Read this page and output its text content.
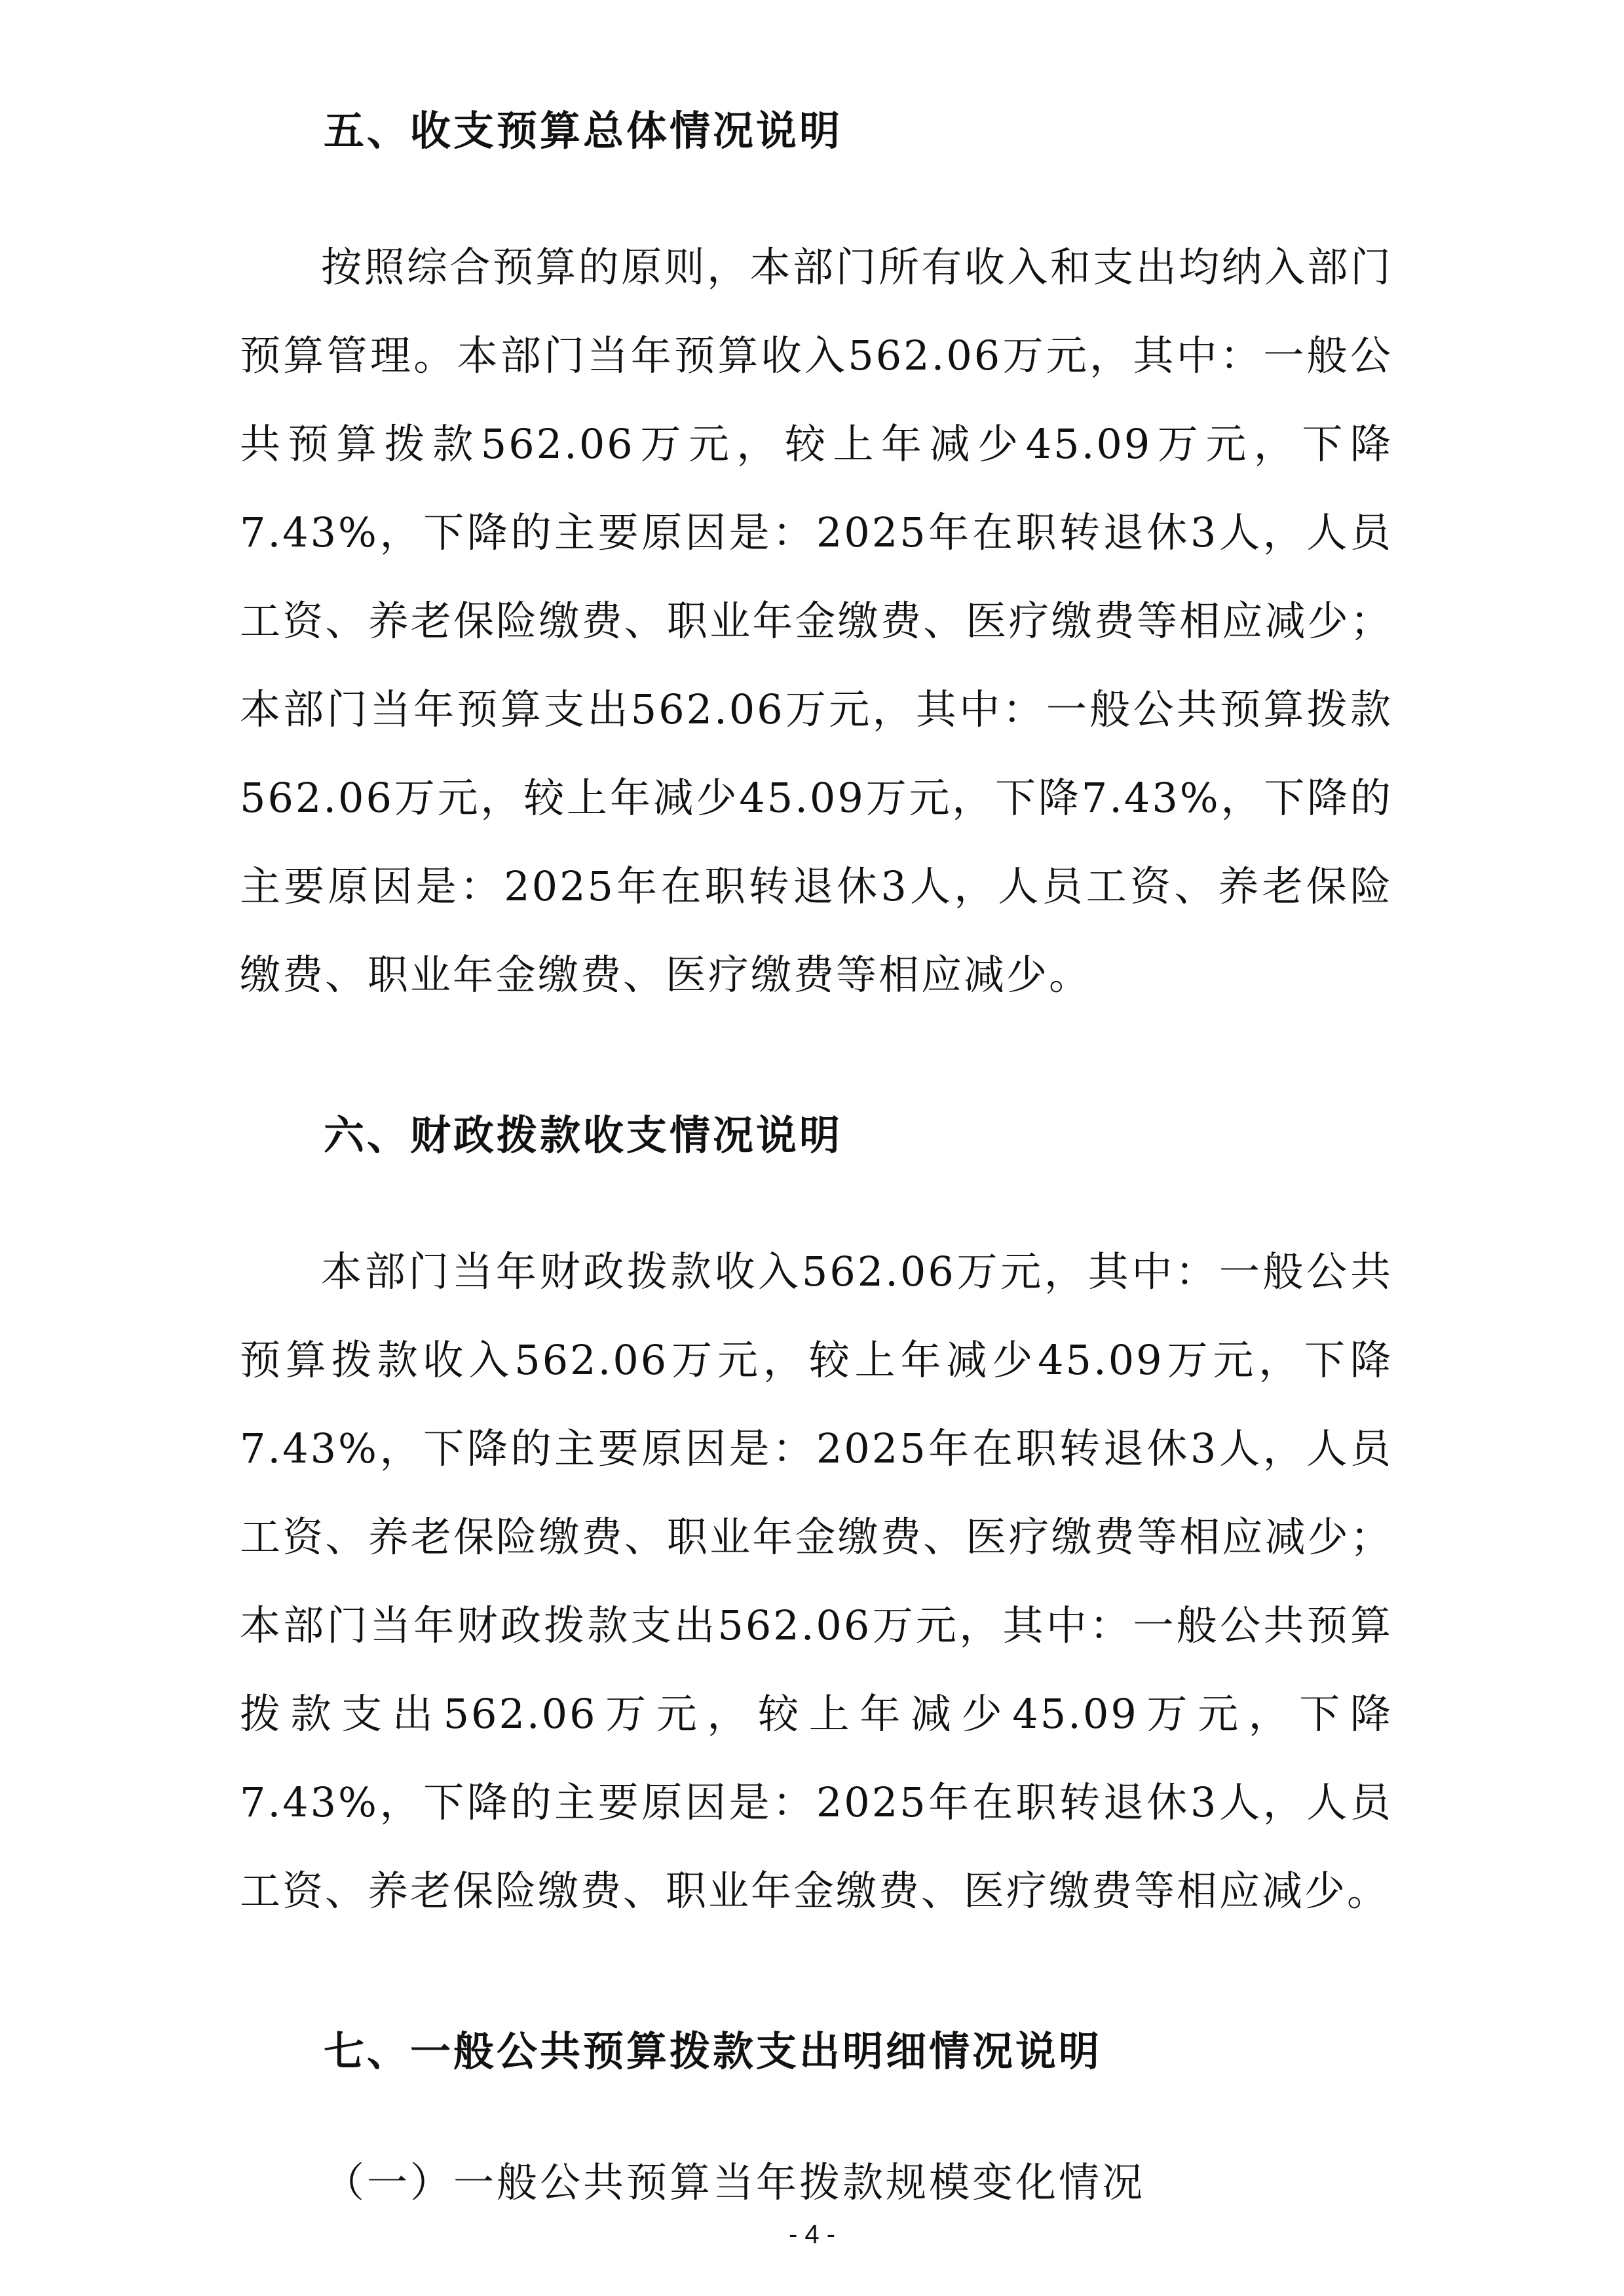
五、收支预算总体情况说明

按照综合预算的原则，本部门所有收入和支出均纳入部门预算管理。本部门当年预算收入562.06万元，其中：一般公共预算拨款562.06万元，较上年减少45.09万元，下降7.43%，下降的主要原因是：2025年在职转退休3人，人员工资、养老保险缴费、职业年金缴费、医疗缴费等相应减少；本部门当年预算支出562.06万元，其中：一般公共预算拨款562.06万元，较上年减少45.09万元，下降7.43%，下降的主要原因是：2025年在职转退休3人，人员工资、养老保险缴费、职业年金缴费、医疗缴费等相应减少。

六、财政拨款收支情况说明

本部门当年财政拨款收入562.06万元，其中：一般公共预算拨款收入562.06万元，较上年减少45.09万元，下降7.43%，下降的主要原因是：2025年在职转退休3人，人员工资、养老保险缴费、职业年金缴费、医疗缴费等相应减少；本部门当年财政拨款支出562.06万元，其中：一般公共预算拨款支出562.06万元，较上年减少45.09万元，下降7.43%，下降的主要原因是：2025年在职转退休3人，人员工资、养老保险缴费、职业年金缴费、医疗缴费等相应减少。

七、一般公共预算拨款支出明细情况说明

（一）一般公共预算当年拨款规模变化情况

- 4 -
